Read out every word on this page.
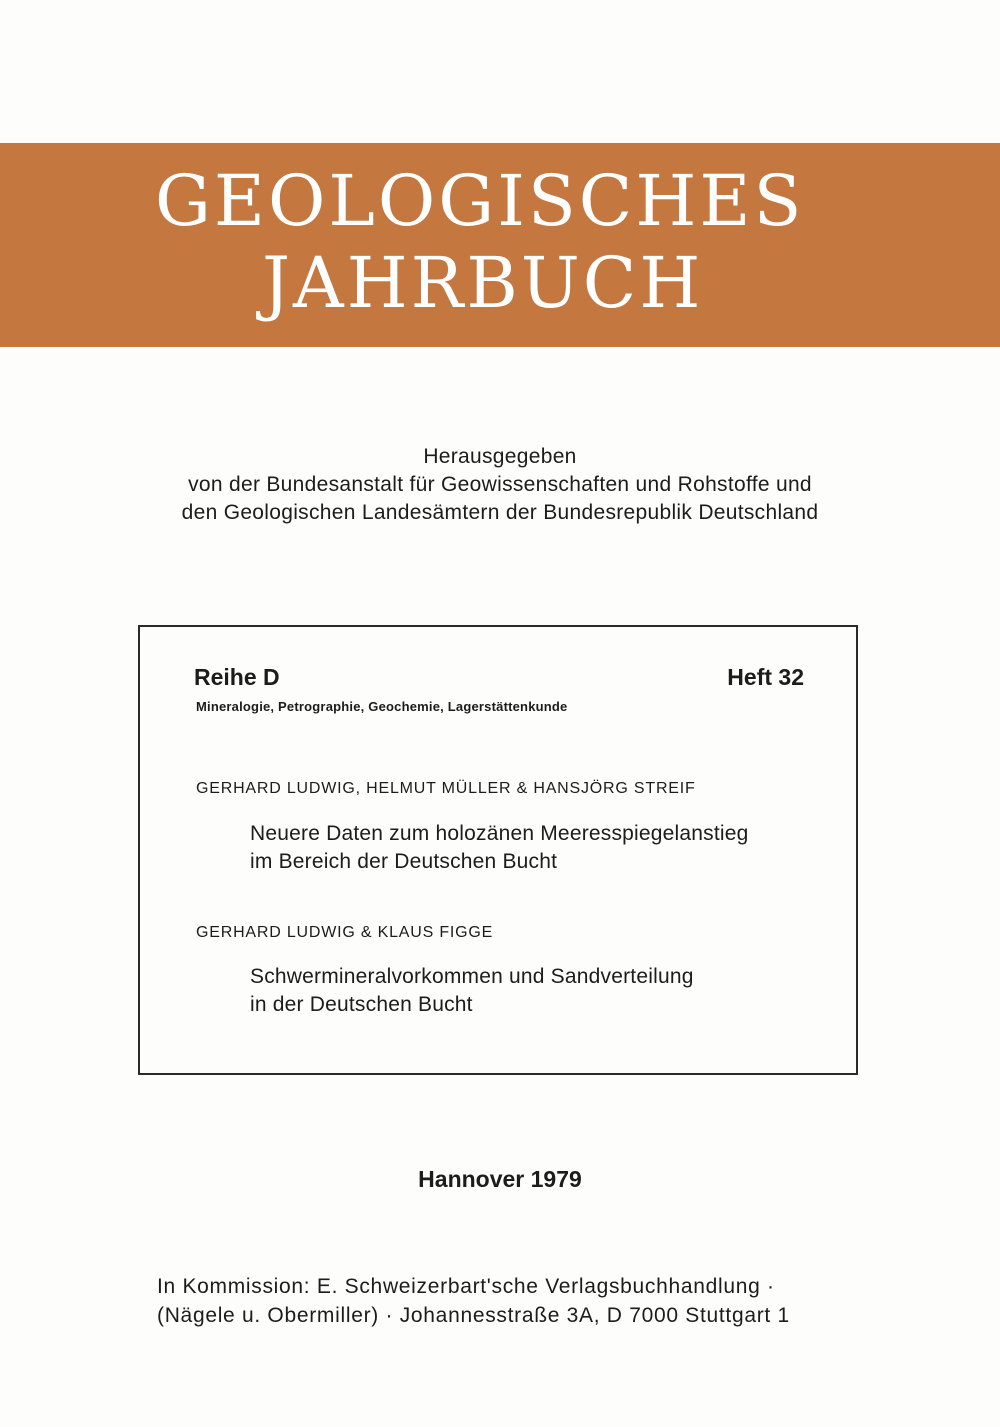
GEOLOGISCHES
JAHRBUCH
Herausgegeben
von der Bundesanstalt für Geowissenschaften und Rohstoffe und
den Geologischen Landesämtern der Bundesrepublik Deutschland
Reihe D	Heft 32
Mineralogie, Petrographie, Geochemie, Lagerstättenkunde
GERHARD LUDWIG, HELMUT MÜLLER & HANSJÖRG STREIF
Neuere Daten zum holozänen Meeresspiegelanstieg
im Bereich der Deutschen Bucht
GERHARD LUDWIG & KLAUS FIGGE
Schwermineralvorkommen und Sandverteilung
in der Deutschen Bucht
Hannover 1979
In Kommission: E. Schweizerbart'sche Verlagsbuchhandlung ·
(Nägele u. Obermiller) · Johannesstraße 3A, D 7000 Stuttgart 1
